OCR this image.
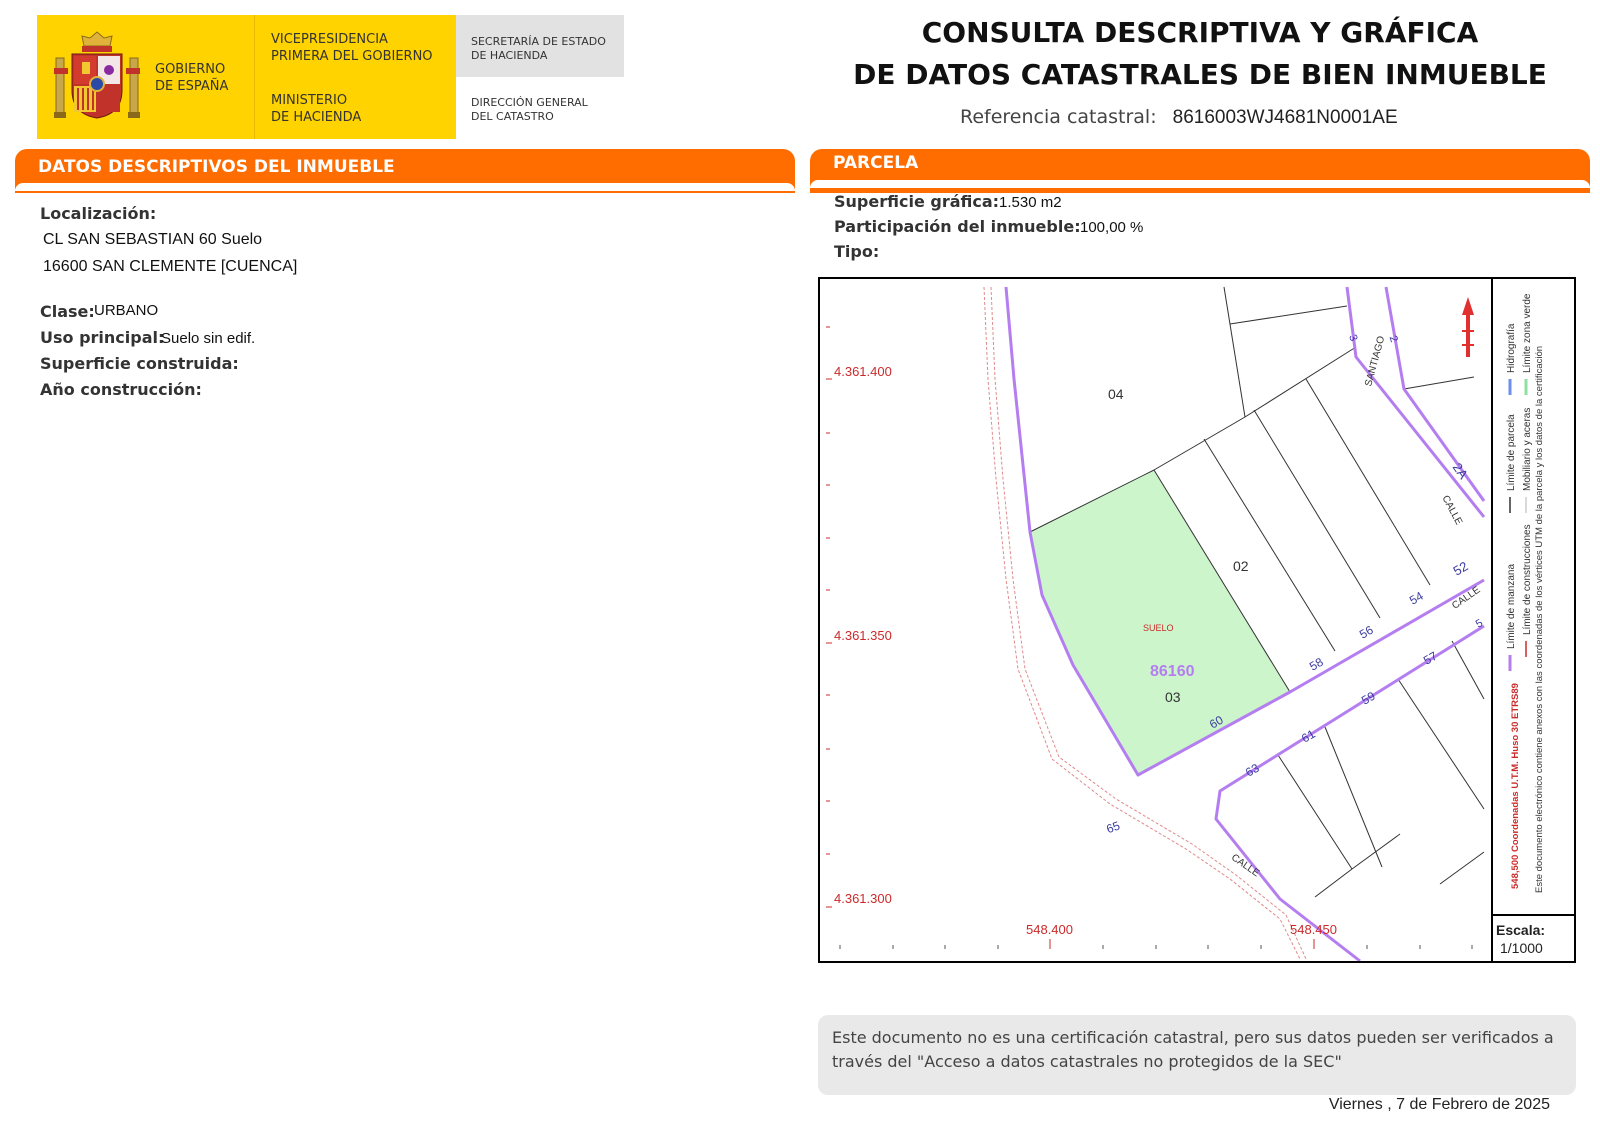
GOBIERNO
DE ESPAÑA
VICEPRESIDENCIA
PRIMERA DEL GOBIERNO
MINISTERIO
DE HACIENDA
SECRETARÍA DE ESTADO
DE HACIENDA
DIRECCIÓN GENERAL
DEL CATASTRO
CONSULTA DESCRIPTIVA Y GRÁFICA
DE DATOS CATASTRALES DE BIEN INMUEBLE
Referencia catastral: 8616003WJ4681N0001AE
DATOS DESCRIPTIVOS DEL INMUEBLE
Localización:
CL SAN SEBASTIAN 60 Suelo
16600 SAN CLEMENTE [CUENCA]
Clase: URBANO
Uso principal:
Suelo sin edif.
Superficie construida:
Año construcción:
PARCELA
Superficie gráfica: 1.530 m2
Participación del inmueble: 100,00 %
Tipo:
4.361.400
4.361.350
4.361.300
548.400	548.450
04
02
03
SUELO
86160
3 2
2A
52
54
56
58
60
57
59
61
63
65
5
SANTIAGO
CALLE
CALLE
CALLE
Escala:
1/1000
Límite de manzana
Límite de parcela
Hidrografía
Límite de construcciones
Mobiliario y aceras
Límite zona verde
548,500 Coordenadas U.T.M. Huso 30 ETRS89 Este documento electrónico contiene anexos con las coordenadas de los vértices UTM de la parcela y los datos de la certificación
Este documento no es una certificación catastral, pero sus datos pueden ser verificados a través del "Acceso a datos catastrales no protegidos de la SEC"
Viernes , 7 de Febrero de 2025
